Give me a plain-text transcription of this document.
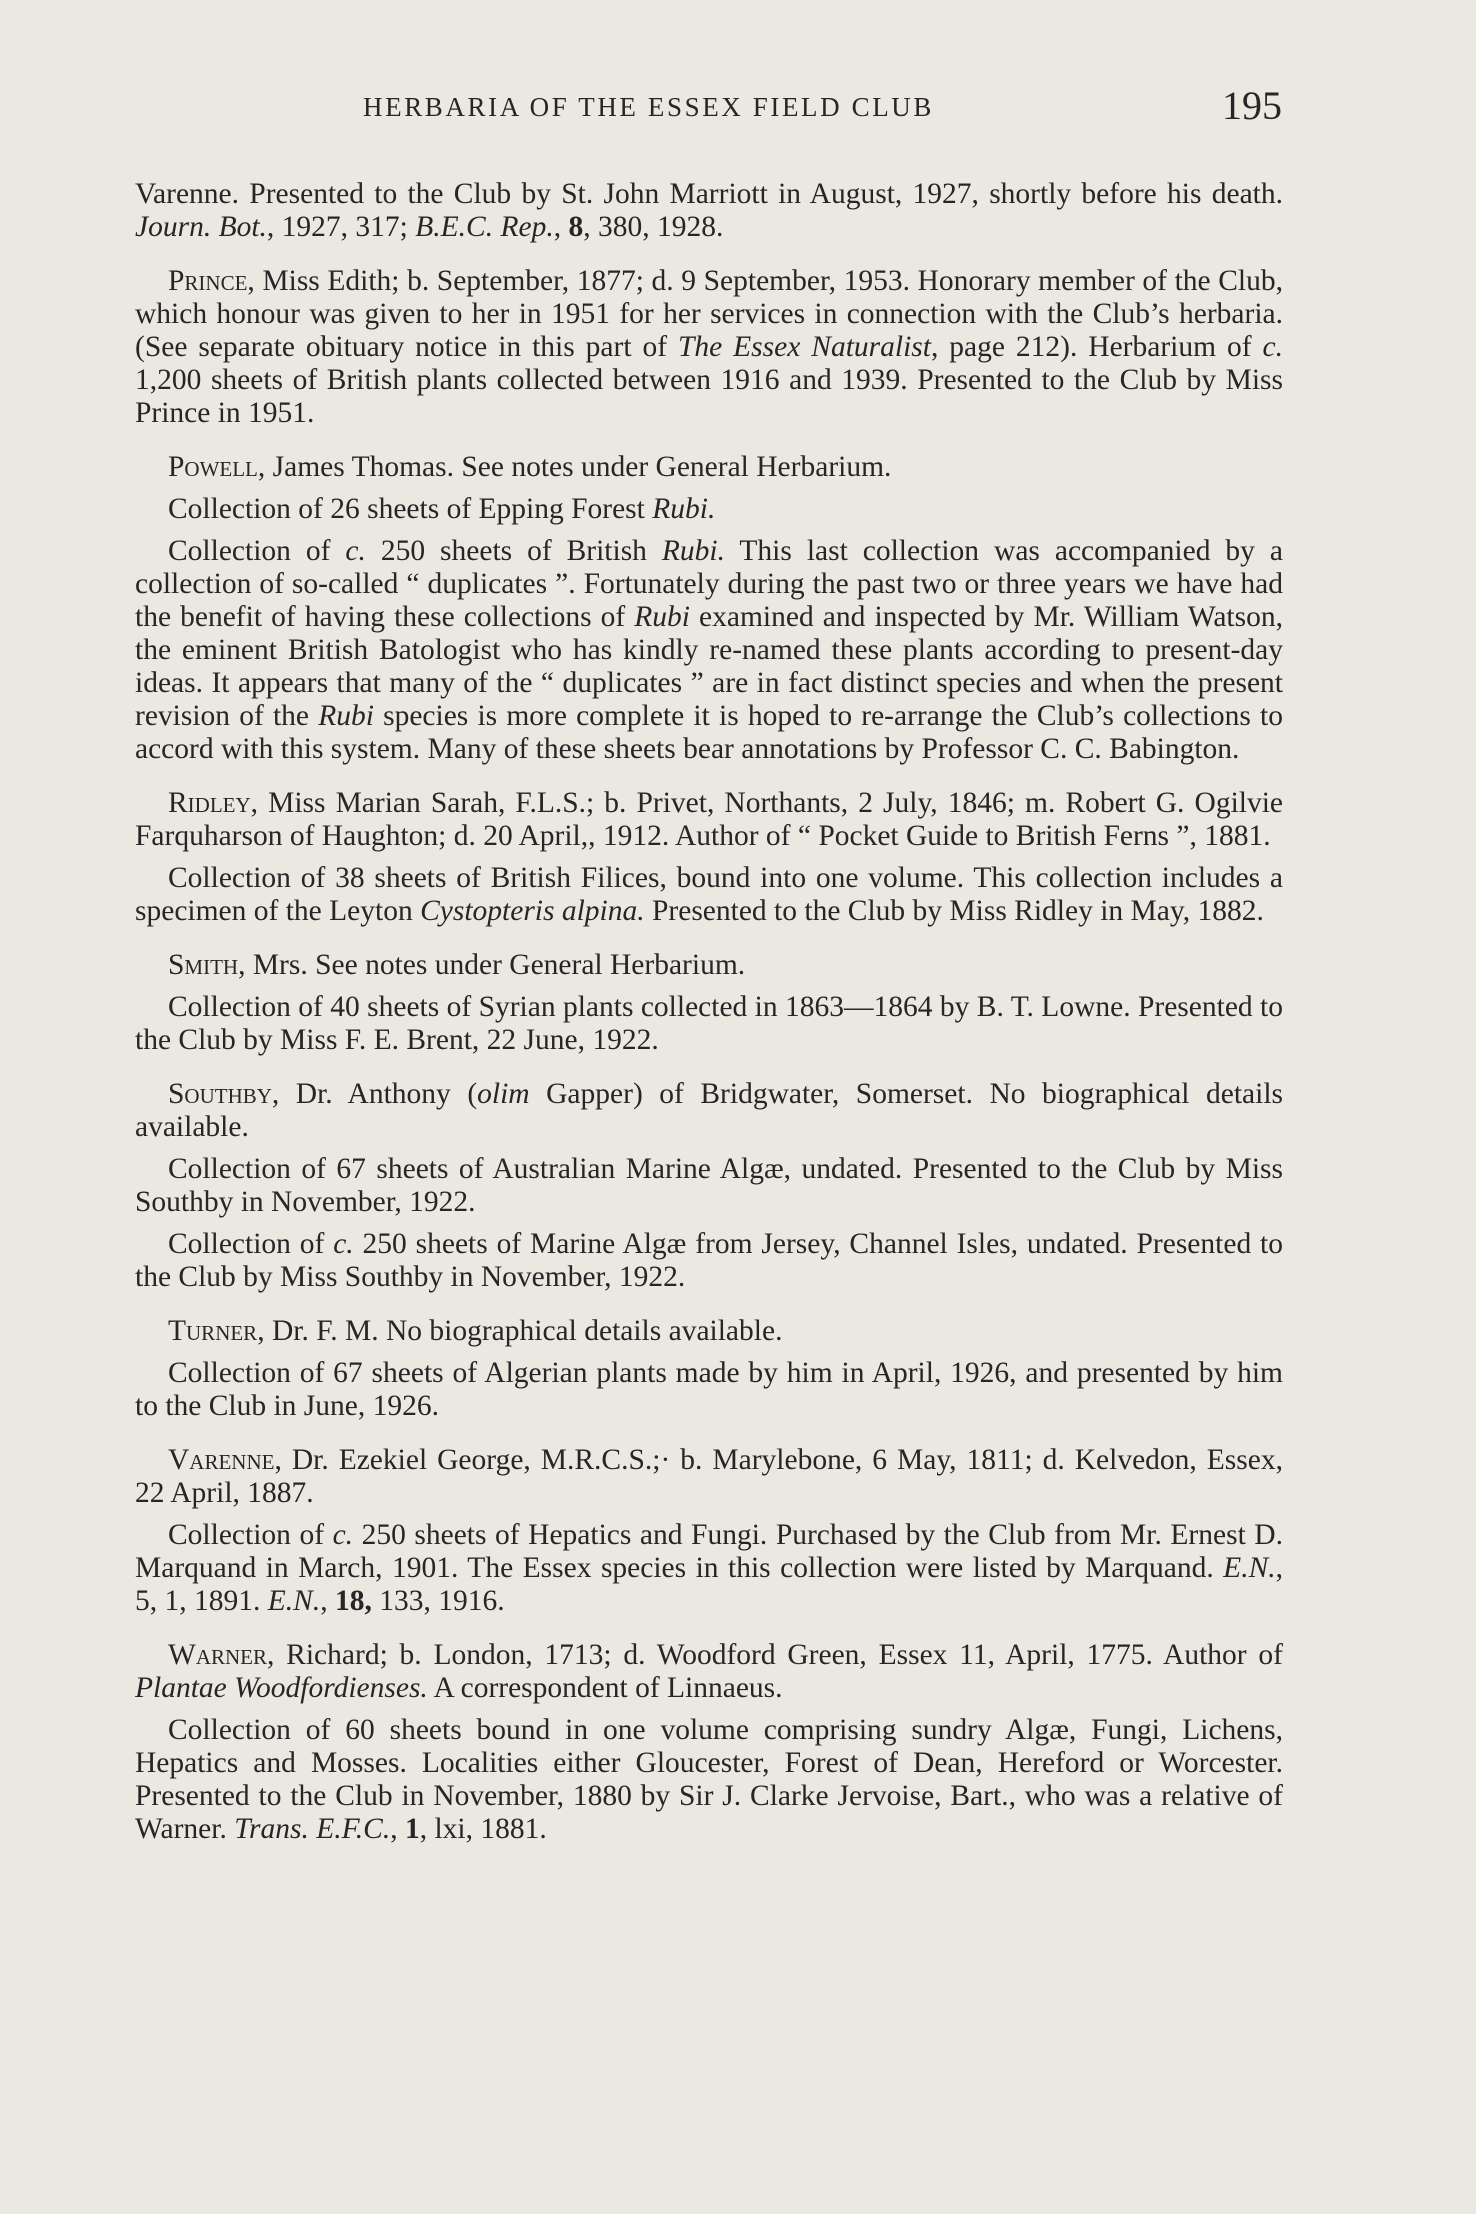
HERBARIA OF THE ESSEX FIELD CLUB	195

Varenne. Presented to the Club by St. John Marriott in August, 1927, shortly before his death. Journ. Bot., 1927, 317; B.E.C. Rep., 8, 380, 1928.

Prince, Miss Edith; b. September, 1877; d. 9 September, 1953. Honorary member of the Club, which honour was given to her in 1951 for her services in connection with the Club’s herbaria. (See separate obituary notice in this part of The Essex Naturalist, page 212). Herbarium of c. 1,200 sheets of British plants collected between 1916 and 1939. Presented to the Club by Miss Prince in 1951.

Powell, James Thomas. See notes under General Herbarium.

Collection of 26 sheets of Epping Forest Rubi.

Collection of c. 250 sheets of British Rubi. This last collection was accompanied by a collection of so-called “ duplicates ”. Fortunately during the past two or three years we have had the benefit of having these collections of Rubi examined and inspected by Mr. William Watson, the eminent British Batologist who has kindly re-named these plants according to present-day ideas. It appears that many of the “ duplicates ” are in fact distinct species and when the present revision of the Rubi species is more complete it is hoped to re-arrange the Club’s collections to accord with this system. Many of these sheets bear annotations by Professor C. C. Babington.

Ridley, Miss Marian Sarah, F.L.S.; b. Privet, Northants, 2 July, 1846; m. Robert G. Ogilvie Farquharson of Haughton; d. 20 April,, 1912. Author of “ Pocket Guide to British Ferns ”, 1881.

Collection of 38 sheets of British Filices, bound into one volume. This collection includes a specimen of the Leyton Cystopteris alpina. Presented to the Club by Miss Ridley in May, 1882.

Smith, Mrs. See notes under General Herbarium.

Collection of 40 sheets of Syrian plants collected in 1863—1864 by B. T. Lowne. Presented to the Club by Miss F. E. Brent, 22 June, 1922.

Southby, Dr. Anthony (olim Gapper) of Bridgwater, Somerset. No biographical details available.

Collection of 67 sheets of Australian Marine Algæ, undated. Presented to the Club by Miss Southby in November, 1922.

Collection of c. 250 sheets of Marine Algæ from Jersey, Channel Isles, undated. Presented to the Club by Miss Southby in November, 1922.

Turner, Dr. F. M. No biographical details available.

Collection of 67 sheets of Algerian plants made by him in April, 1926, and presented by him to the Club in June, 1926.

Varenne, Dr. Ezekiel George, M.R.C.S.;· b. Marylebone, 6 May, 1811; d. Kelvedon, Essex, 22 April, 1887.

Collection of c. 250 sheets of Hepatics and Fungi. Purchased by the Club from Mr. Ernest D. Marquand in March, 1901. The Essex species in this collection were listed by Marquand. E.N., 5, 1, 1891. E.N., 18, 133, 1916.

Warner, Richard; b. London, 1713; d. Woodford Green, Essex 11, April, 1775. Author of Plantae Woodfordienses. A correspondent of Linnaeus.

Collection of 60 sheets bound in one volume comprising sundry Algæ, Fungi, Lichens, Hepatics and Mosses. Localities either Gloucester, Forest of Dean, Hereford or Worcester. Presented to the Club in November, 1880 by Sir J. Clarke Jervoise, Bart., who was a relative of Warner. Trans. E.F.C., 1, lxi, 1881.
